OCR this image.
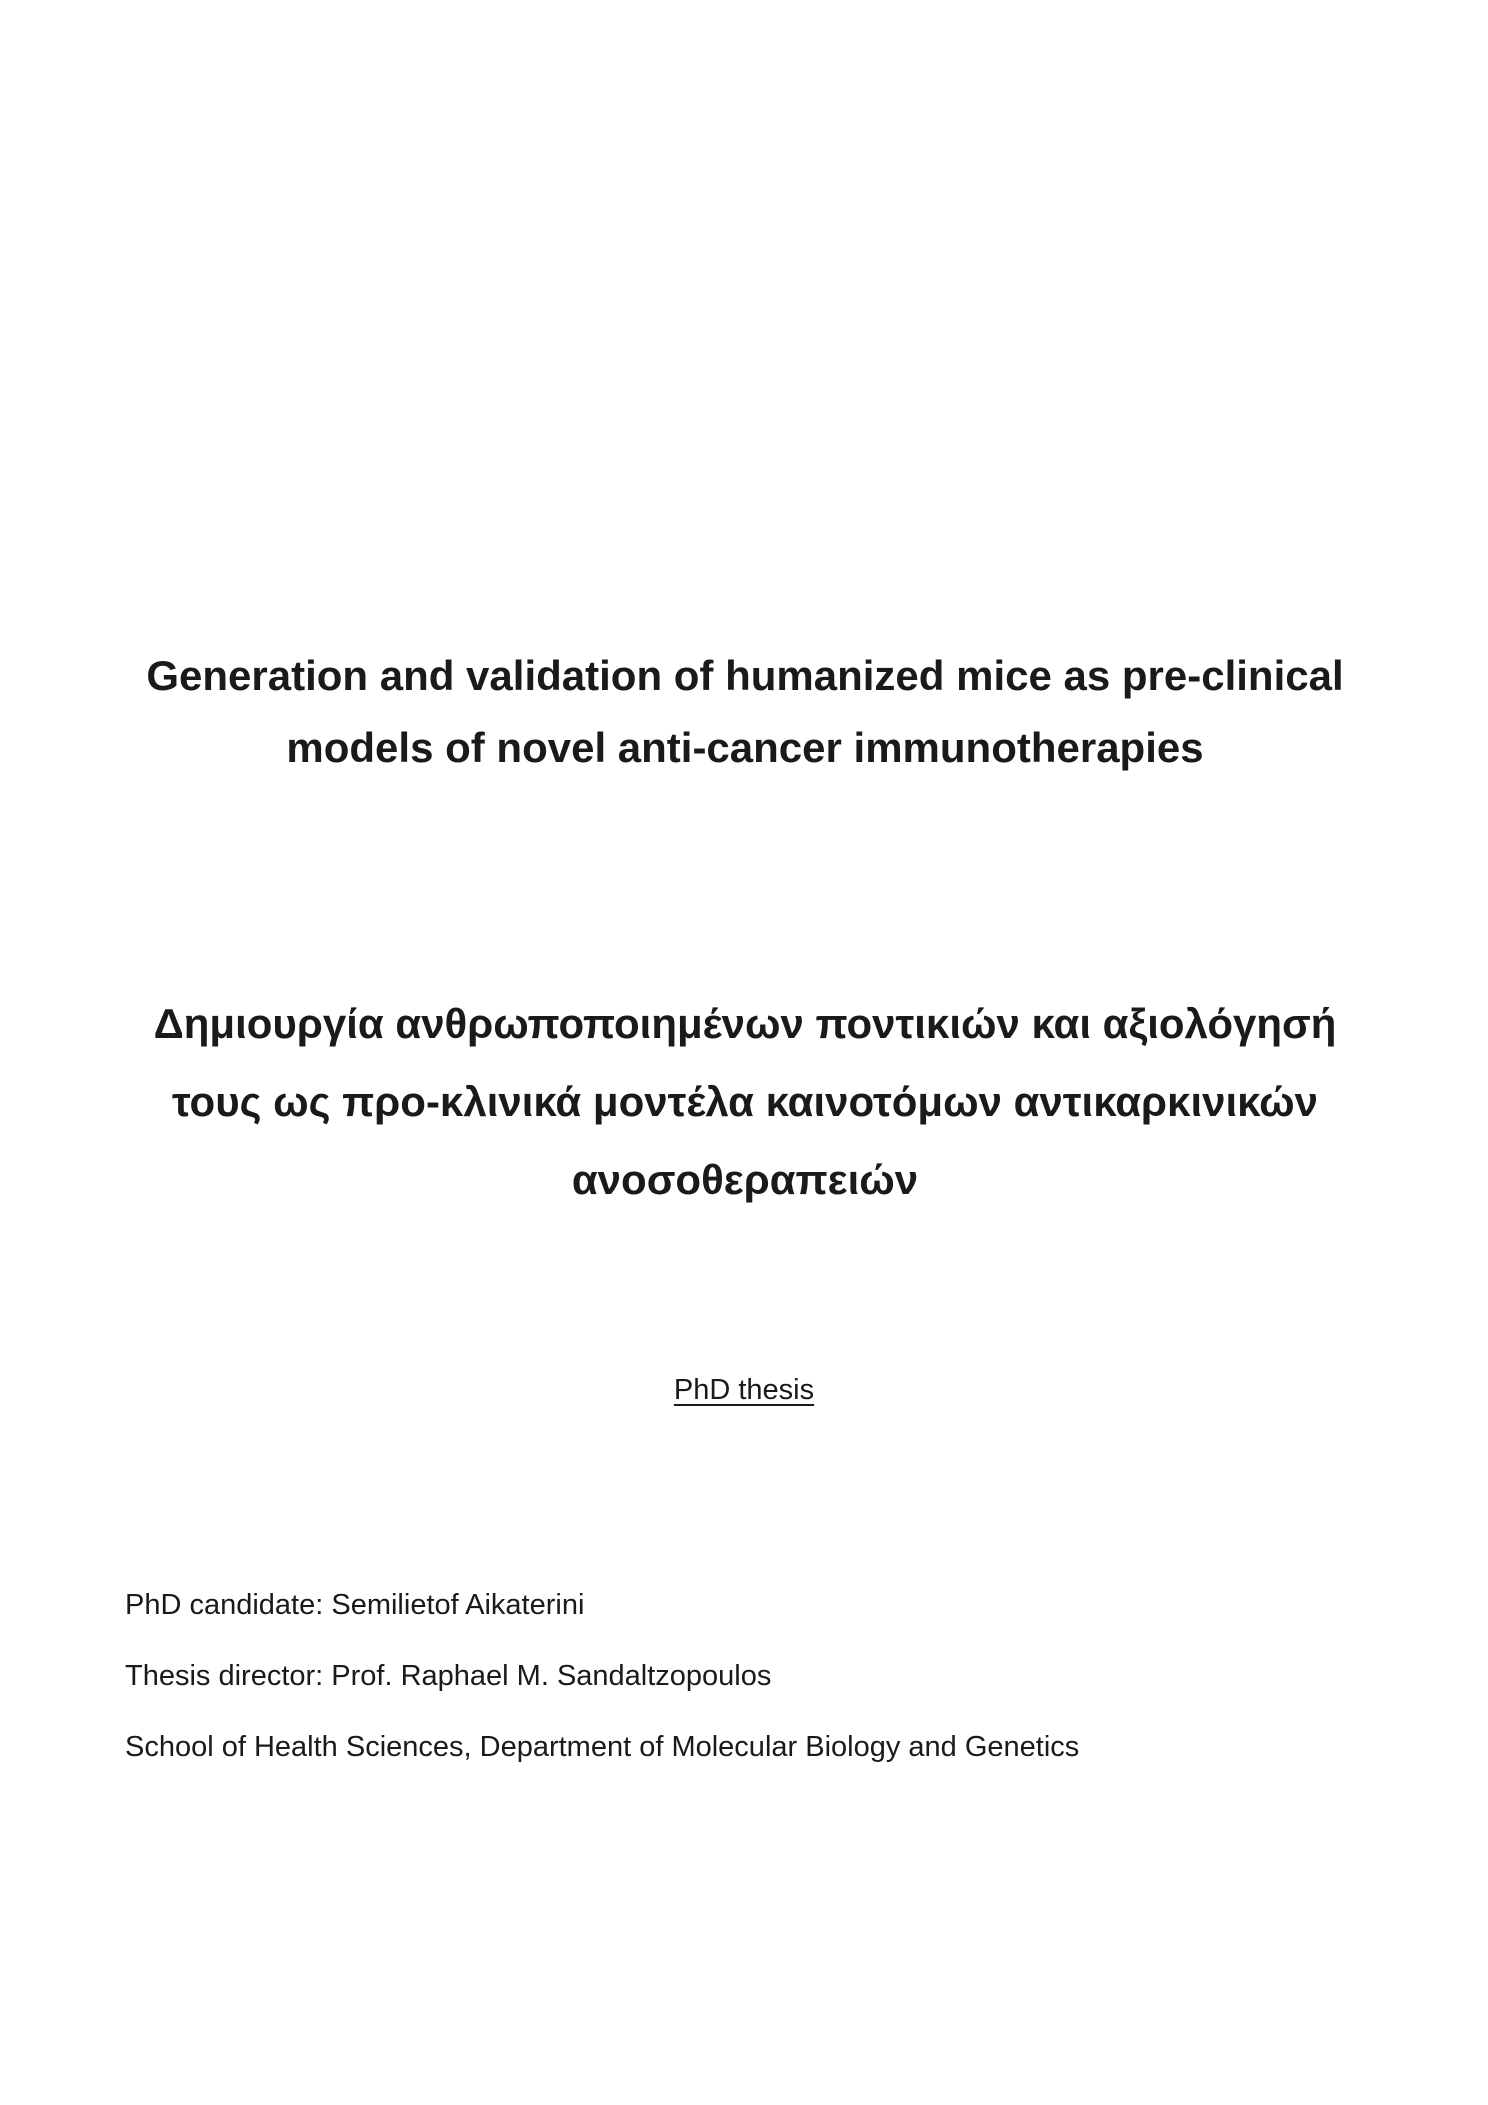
Generation and validation of humanized mice as pre-clinical
models of novel anti-cancer immunotherapies
Δημιουργία ανθρωποποιημένων ποντικιών και αξιολόγησή
τους ως προ-κλινικά μοντέλα καινοτόμων αντικαρκινικών
ανοσοθεραπειών
PhD thesis

PhD candidate: Semilietof Aikaterini

Thesis director: Prof. Raphael M. Sandaltzopoulos

School of Health Sciences, Department of Molecular Biology and Genetics
